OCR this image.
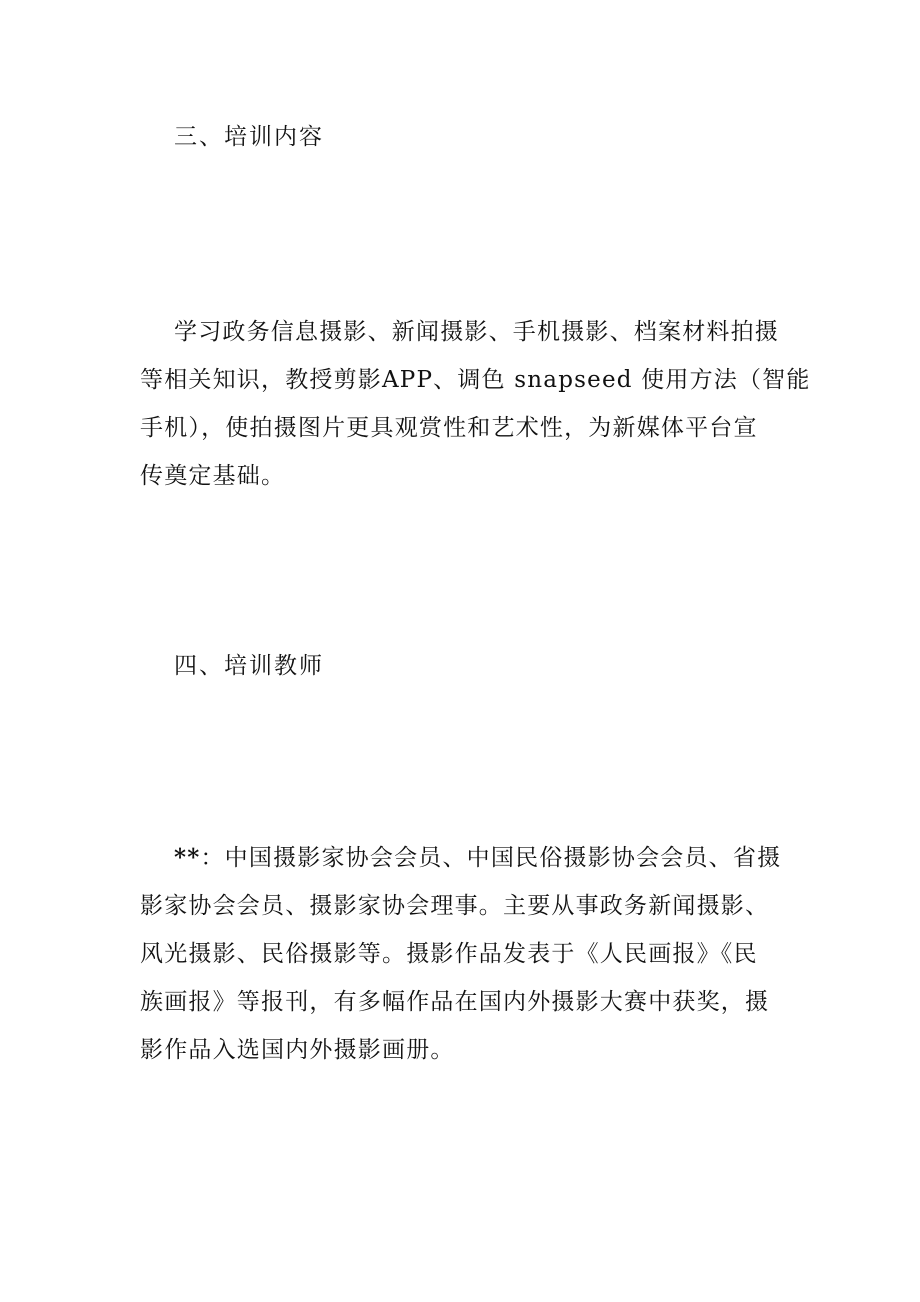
三、培训内容
学习政务信息摄影、新闻摄影、手机摄影、档案材料拍摄
等相关知识，教授剪影APP、调色 snapseed 使用方法（智能
手机），使拍摄图片更具观赏性和艺术性，为新媒体平台宣
传奠定基础。
四、培训教师
**：中国摄影家协会会员、中国民俗摄影协会会员、省摄
影家协会会员、摄影家协会理事。主要从事政务新闻摄影、
风光摄影、民俗摄影等。摄影作品发表于《人民画报》《民
族画报》等报刊，有多幅作品在国内外摄影大赛中获奖，摄
影作品入选国内外摄影画册。
